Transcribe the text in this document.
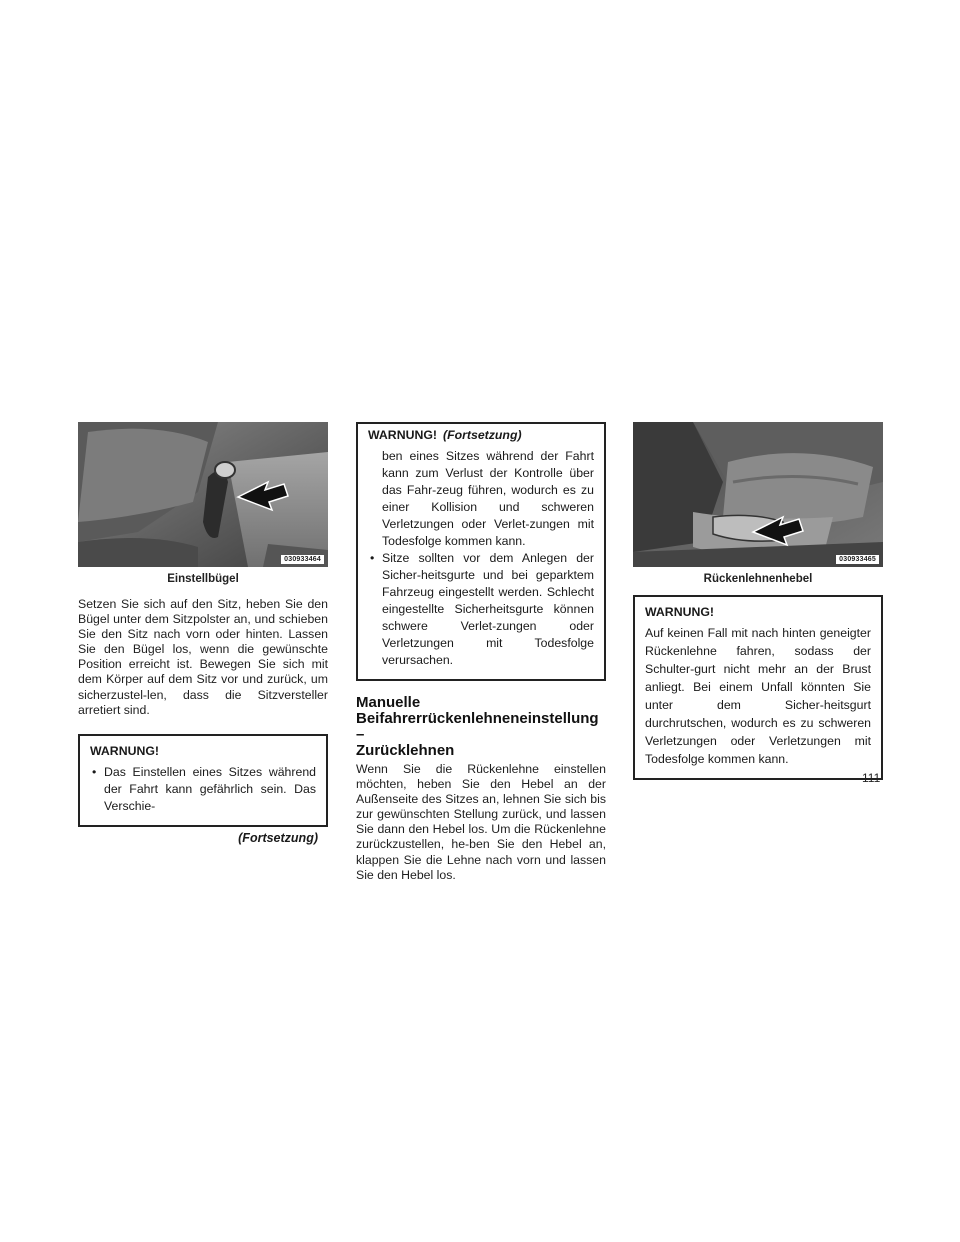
030933464
Einstellbügel

Setzen Sie sich auf den Sitz, heben Sie den Bügel unter dem Sitzpolster an, und schieben Sie den Sitz nach vorn oder hinten. Lassen Sie den Bügel los, wenn die gewünschte Position erreicht ist. Bewegen Sie sich mit dem Körper auf dem Sitz vor und zurück, um sicherzustel-len, dass die Sitzversteller arretiert sind.

WARNUNG!
• Das Einstellen eines Sitzes während der Fahrt kann gefährlich sein. Das Verschie-
(Fortsetzung)
WARNUNG! (Fortsetzung)

ben eines Sitzes während der Fahrt kann zum Verlust der Kontrolle über das Fahr-zeug führen, wodurch es zu einer Kollision und schweren Verletzungen oder Verlet-zungen mit Todesfolge kommen kann.

• Sitze sollten vor dem Anlegen der Sicher-heitsgurte und bei geparktem Fahrzeug eingestellt werden. Schlecht eingestellte Sicherheitsgurte können schwere Verlet-zungen oder Verletzungen mit Todesfolge verursachen.
Manuelle
Beifahrerrückenlehneneinstellung –
Zurücklehnen

Wenn Sie die Rückenlehne einstellen möchten, heben Sie den Hebel an der Außenseite des Sitzes an, lehnen Sie sich bis zur gewünschten Stellung zurück, und lassen Sie dann den Hebel los. Um die Rückenlehne zurückzustellen, he-ben Sie den Hebel an, klappen Sie die Lehne nach vorn und lassen Sie den Hebel los.

030933465
Rückenlehnenhebel
WARNUNG!

Auf keinen Fall mit nach hinten geneigter Rückenlehne fahren, sodass der Schulter-gurt nicht mehr an der Brust anliegt. Bei einem Unfall könnten Sie unter dem Sicher-heitsgurt durchrutschen, wodurch es zu schweren Verletzungen oder Verletzungen mit Todesfolge kommen kann.

111
